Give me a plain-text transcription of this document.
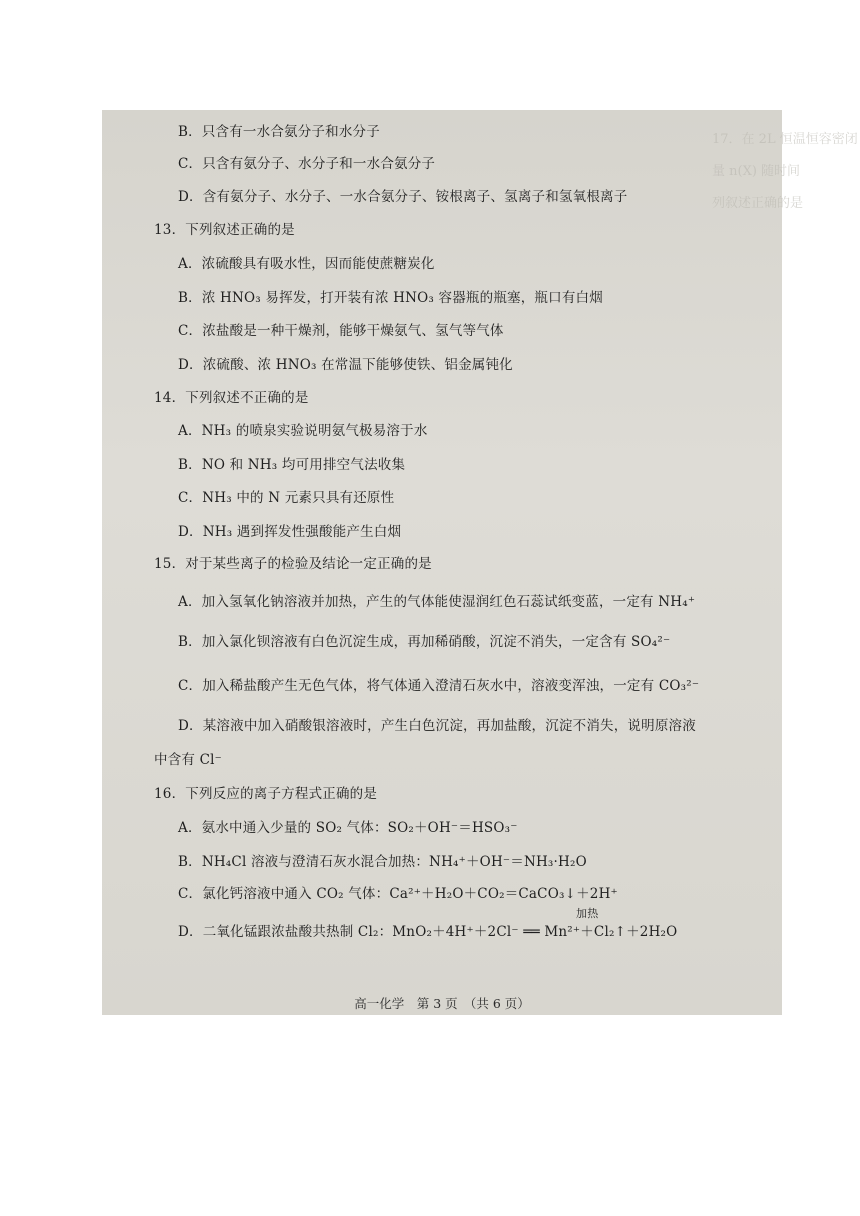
17．在 2L 恒温恒容密闭
量 n(X) 随时间
列叙述正确的是
B．只含有一水合氨分子和水分子
C．只含有氨分子、水分子和一水合氨分子
D．含有氨分子、水分子、一水合氨分子、铵根离子、氢离子和氢氧根离子
13．下列叙述正确的是
A．浓硫酸具有吸水性，因而能使蔗糖炭化
B．浓 HNO₃ 易挥发，打开装有浓 HNO₃ 容器瓶的瓶塞，瓶口有白烟
C．浓盐酸是一种干燥剂，能够干燥氨气、氢气等气体
D．浓硫酸、浓 HNO₃ 在常温下能够使铁、铝金属钝化
14．下列叙述不正确的是
A．NH₃ 的喷泉实验说明氨气极易溶于水
B．NO 和 NH₃ 均可用排空气法收集
C．NH₃ 中的 N 元素只具有还原性
D．NH₃ 遇到挥发性强酸能产生白烟
15．对于某些离子的检验及结论一定正确的是
A．加入氢氧化钠溶液并加热，产生的气体能使湿润红色石蕊试纸变蓝，一定有 NH₄⁺
B．加入氯化钡溶液有白色沉淀生成，再加稀硝酸，沉淀不消失，一定含有 SO₄²⁻
C．加入稀盐酸产生无色气体，将气体通入澄清石灰水中，溶液变浑浊，一定有 CO₃²⁻
D．某溶液中加入硝酸银溶液时，产生白色沉淀，再加盐酸，沉淀不消失，说明原溶液
中含有 Cl⁻
16．下列反应的离子方程式正确的是
A．氨水中通入少量的 SO₂ 气体：SO₂＋OH⁻＝HSO₃⁻
B．NH₄Cl 溶液与澄清石灰水混合加热：NH₄⁺＋OH⁻＝NH₃·H₂O
C．氯化钙溶液中通入 CO₂ 气体：Ca²⁺＋H₂O＋CO₂＝CaCO₃↓＋2H⁺
加热
D．二氧化锰跟浓盐酸共热制 Cl₂：MnO₂＋4H⁺＋2Cl⁻ ══ Mn²⁺＋Cl₂↑＋2H₂O
高一化学　第 3 页　（共 6 页）
